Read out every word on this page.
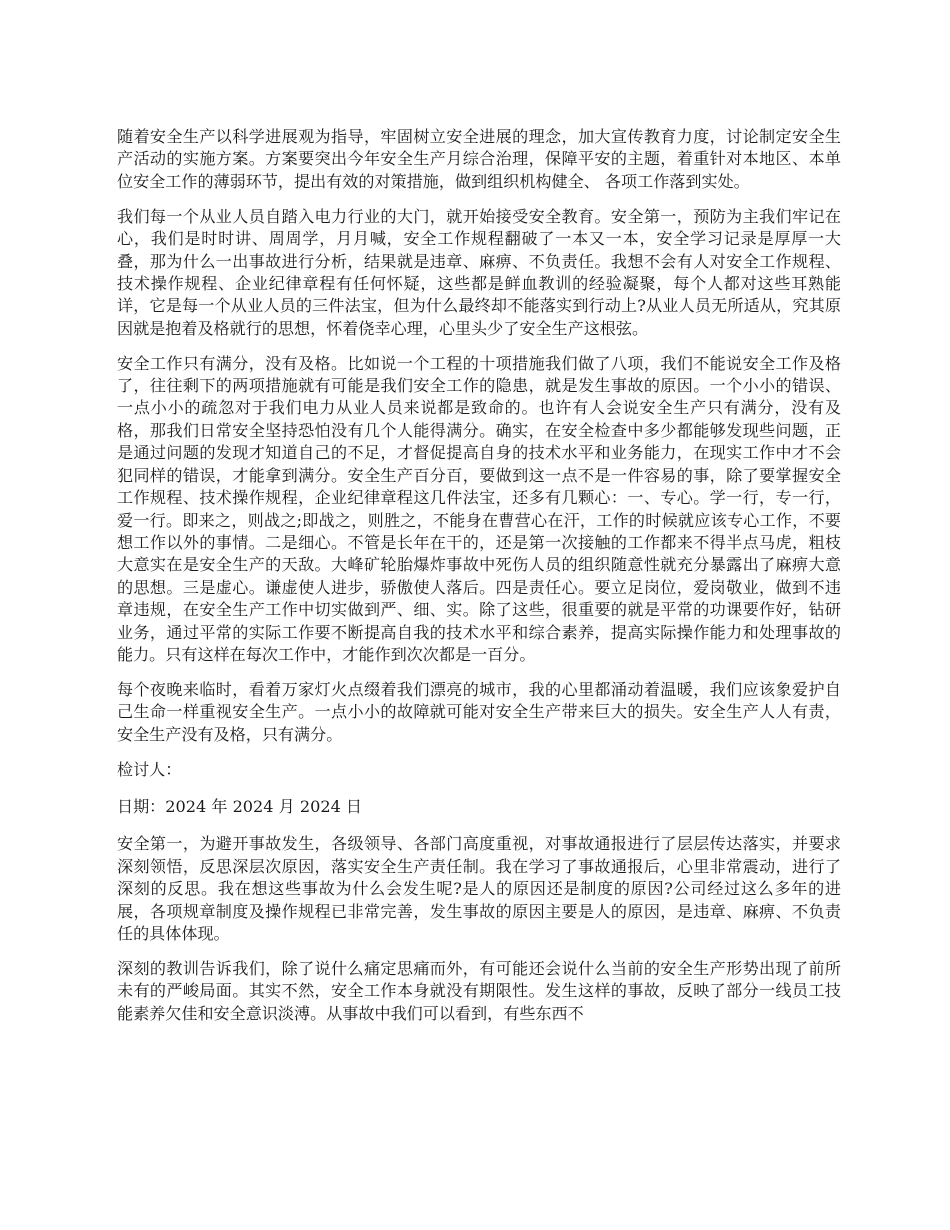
随着安全生产以科学进展观为指导，牢固树立安全进展的理念，加大宣传教育力度，讨论制定安全生产活动的实施方案。方案要突出今年安全生产月综合治理，保障平安的主题，着重针对本地区、本单位安全工作的薄弱环节，提出有效的对策措施，做到组织机构健全、 各项工作落到实处。

我们每一个从业人员自踏入电力行业的大门，就开始接受安全教育。安全第一，预防为主我们牢记在心，我们是时时讲、周周学，月月喊，安全工作规程翻破了一本又一本，安全学习记录是厚厚一大叠，那为什么一出事故进行分析，结果就是违章、麻痹、不负责任。我想不会有人对安全工作规程、技术操作规程、企业纪律章程有任何怀疑，这些都是鲜血教训的经验凝聚，每个人都对这些耳熟能详，它是每一个从业人员的三件法宝，但为什么最终却不能落实到行动上?从业人员无所适从，究其原因就是抱着及格就行的思想，怀着侥幸心理，心里头少了安全生产这根弦。

安全工作只有满分，没有及格。比如说一个工程的十项措施我们做了八项，我们不能说安全工作及格了，往往剩下的两项措施就有可能是我们安全工作的隐患，就是发生事故的原因。一个小小的错误、一点小小的疏忽对于我们电力从业人员来说都是致命的。也许有人会说安全生产只有满分，没有及格，那我们日常安全坚持恐怕没有几个人能得满分。确实，在安全检查中多少都能够发现些问题，正是通过问题的发现才知道自己的不足，才督促提高自身的技术水平和业务能力，在现实工作中才不会犯同样的错误，才能拿到满分。安全生产百分百，要做到这一点不是一件容易的事，除了要掌握安全工作规程、技术操作规程，企业纪律章程这几件法宝，还多有几颗心：一、专心。学一行，专一行，爱一行。即来之，则战之;即战之，则胜之，不能身在曹营心在汗，工作的时候就应该专心工作，不要想工作以外的事情。二是细心。不管是长年在干的，还是第一次接触的工作都来不得半点马虎，粗枝大意实在是安全生产的天敌。大峰矿轮胎爆炸事故中死伤人员的组织随意性就充分暴露出了麻痹大意的思想。三是虚心。谦虚使人进步，骄傲使人落后。四是责任心。要立足岗位，爱岗敬业，做到不违章违规，在安全生产工作中切实做到严、细、实。除了这些，很重要的就是平常的功课要作好，钻研业务，通过平常的实际工作要不断提高自我的技术水平和综合素养，提高实际操作能力和处理事故的能力。只有这样在每次工作中，才能作到次次都是一百分。

每个夜晚来临时，看着万家灯火点缀着我们漂亮的城市，我的心里都涌动着温暖，我们应该象爱护自己生命一样重视安全生产。一点小小的故障就可能对安全生产带来巨大的损失。安全生产人人有责，安全生产没有及格，只有满分。

检讨人：

日期：2024 年 2024 月 2024 日

安全第一，为避开事故发生，各级领导、各部门高度重视，对事故通报进行了层层传达落实，并要求深刻领悟，反思深层次原因，落实安全生产责任制。我在学习了事故通报后，心里非常震动，进行了深刻的反思。我在想这些事故为什么会发生呢?是人的原因还是制度的原因?公司经过这么多年的进展，各项规章制度及操作规程已非常完善，发生事故的原因主要是人的原因，是违章、麻痹、不负责任的具体体现。

深刻的教训告诉我们，除了说什么痛定思痛而外，有可能还会说什么当前的安全生产形势出现了前所未有的严峻局面。其实不然，安全工作本身就没有期限性。发生这样的事故，反映了部分一线员工技能素养欠佳和安全意识淡溥。从事故中我们可以看到，有些东西不
